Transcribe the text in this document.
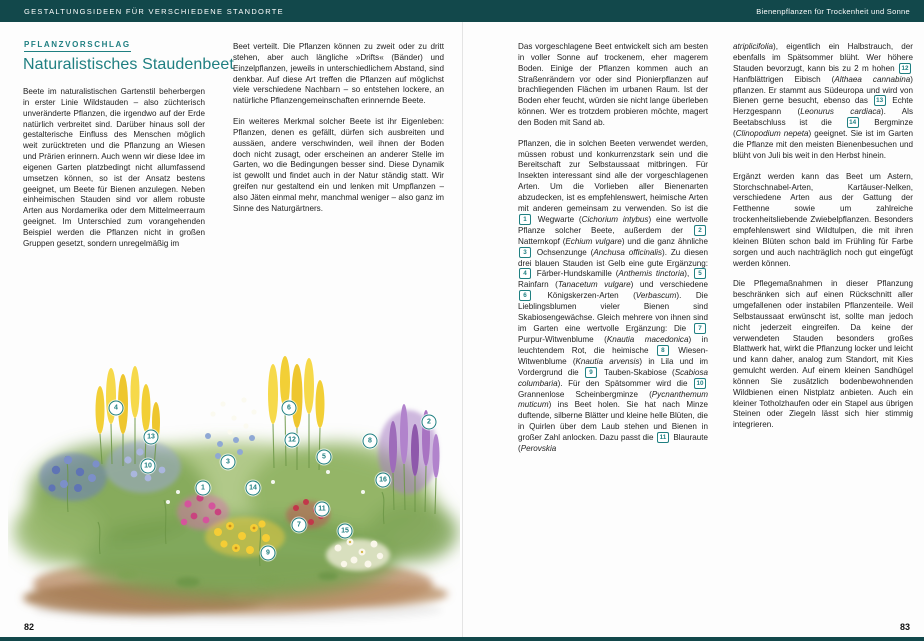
GESTALTUNGSIDEEN FÜR VERSCHIEDENE STANDORTE	Bienenpflanzen für Trockenheit und Sonne
PFLANZVORSCHLAG
Naturalistisches Staudenbeet

Beete im naturalistischen Gartenstil beherbergen in erster Linie Wildstauden – also züchterisch unveränderte Pflanzen, die irgendwo auf der Erde natürlich verbreitet sind. Darüber hinaus soll der gestalterische Einfluss des Menschen möglich weit zurücktreten und die Pflanzung an Wiesen und Prärien erinnern. Auch wenn wir diese Idee im eigenen Garten platzbedingt nicht allumfassend umsetzen können, so ist der Ansatz bestens geeignet, um Beete für Bienen anzulegen. Neben einheimischen Stauden sind vor allem robuste Arten aus Nordamerika oder dem Mittelmeerraum geeignet. Im Unterschied zum vorangehenden Beispiel werden die Pflanzen nicht in großen Gruppen gesetzt, sondern unregelmäßig im

Beet verteilt. Die Pflanzen können zu zweit oder zu dritt stehen, aber auch längliche »Drifts« (Bänder) und Einzelpflanzen, jeweils in unterschiedlichem Abstand, sind denkbar. Auf diese Art treffen die Pflanzen auf möglichst viele verschiedene Nachbarn – so entstehen lockere, an natürliche Pflanzengemeinschaften erinnernde Beete.

Ein weiteres Merkmal solcher Beete ist ihr Eigenleben: Pflanzen, denen es gefällt, dürfen sich ausbreiten und aussäen, andere verschwinden, weil ihnen der Boden doch nicht zusagt, oder erscheinen an anderer Stelle im Garten, wo die Bedingungen besser sind. Diese Dynamik ist gewollt und findet auch in der Natur ständig statt. Wir greifen nur gestaltend ein und lenken mit Umpflanzen – also Jäten einmal mehr, manchmal weniger – also ganz im Sinne des Naturgärtners.

1
2
3
4
5
6
7
8
9
10
11
12
13
14
15
16

Das vorgeschlagene Beet entwickelt sich am besten in voller Sonne auf trockenem, eher magerem Boden. Einige der Pflanzen kommen auch an Straßenrändern vor oder sind Pionierpflanzen auf brachliegenden Flächen im urbanen Raum. Ist der Boden eher feucht, würden sie nicht lange überleben können. Wer es trotzdem probieren möchte, magert den Boden mit Sand ab.

Pflanzen, die in solchen Beeten verwendet werden, müssen robust und konkurrenzstark sein und die Bereitschaft zur Selbstaussaat mitbringen. Für Insekten interessant sind alle der vorgeschlagenen Arten. Um die Vorlieben aller Bienenarten abzudecken, ist es empfehlenswert, heimische Arten mit anderen gemeinsam zu verwenden. So ist die 1 Wegwarte (Cichorium intybus) eine wertvolle Pflanze solcher Beete, außerdem der 2 Natternkopf (Echium vulgare) und die ganz ähnliche 3 Ochsenzunge (Anchusa officinalis). Zu diesen drei blauen Stauden ist Gelb eine gute Ergänzung: 4 Färber-Hundskamille (Anthemis tinctoria), 5 Rainfarn (Tanacetum vulgare) und verschiedene 6 Königskerzen-Arten (Verbascum). Die Lieblingsblumen vieler Bienen sind Skabiosengewächse. Gleich mehrere von ihnen sind im Garten eine wertvolle Ergänzung: Die 7 Purpur-Witwenblume (Knautia macedonica) in leuchtendem Rot, die heimische 8 Wiesen-Witwenblume (Knautia arvensis) in Lila und im Vordergrund die 9 Tauben-Skabiose (Scabiosa columbaria). Für den Spätsommer wird die 10 Grannenlose Scheinbergminze (Pycnanthemum muticum) ins Beet holen. Sie hat nach Minze duftende, silberne Blätter und kleine helle Blüten, die in Quirlen über dem Laub stehen und Bienen in großer Zahl anlocken. Dazu passt die 11 Blauraute (Perovskia

atriplicifolia), eigentlich ein Halbstrauch, der ebenfalls im Spätsommer blüht. Wer höhere Stauden bevorzugt, kann bis zu 2 m hohen 12 Hanfblättrigen Eibisch (Althaea cannabina) pflanzen. Er stammt aus Südeuropa und wird von Bienen gerne besucht, ebenso das 13 Echte Herzgespann (Leonurus cardiaca). Als Beetabschluss ist die 14 Bergminze (Clinopodium nepeta) geeignet. Sie ist im Garten die Pflanze mit den meisten Bienenbesuchen und blüht von Juli bis weit in den Herbst hinein.

Ergänzt werden kann das Beet um Astern, Storchschnabel-Arten, Kartäuser-Nelken, verschiedene Arten aus der Gattung der Fetthenne sowie um zahlreiche trockenheitsliebende Zwiebelpflanzen. Besonders empfehlenswert sind Wildtulpen, die mit ihren kleinen Blüten schon bald im Frühling für Farbe sorgen und auch nachträglich noch gut eingefügt werden können.

Die Pflegemaßnahmen in dieser Pflanzung beschränken sich auf einen Rückschnitt aller umgefallenen oder instabilen Pflanzenteile. Weil Selbstaussaat erwünscht ist, sollte man jedoch nicht jederzeit eingreifen. Da keine der verwendeten Stauden besonders großes Blattwerk hat, wirkt die Pflanzung locker und leicht und kann daher, analog zum Standort, mit Kies gemulcht werden. Auf einem kleinen Sandhügel können Sie zusätzlich bodenbewohnenden Wildbienen einen Nistplatz anbieten. Auch ein kleiner Totholzhaufen oder ein Stapel aus übrigen Steinen oder Ziegeln lässt sich hier stimmig integrieren.

82	83
